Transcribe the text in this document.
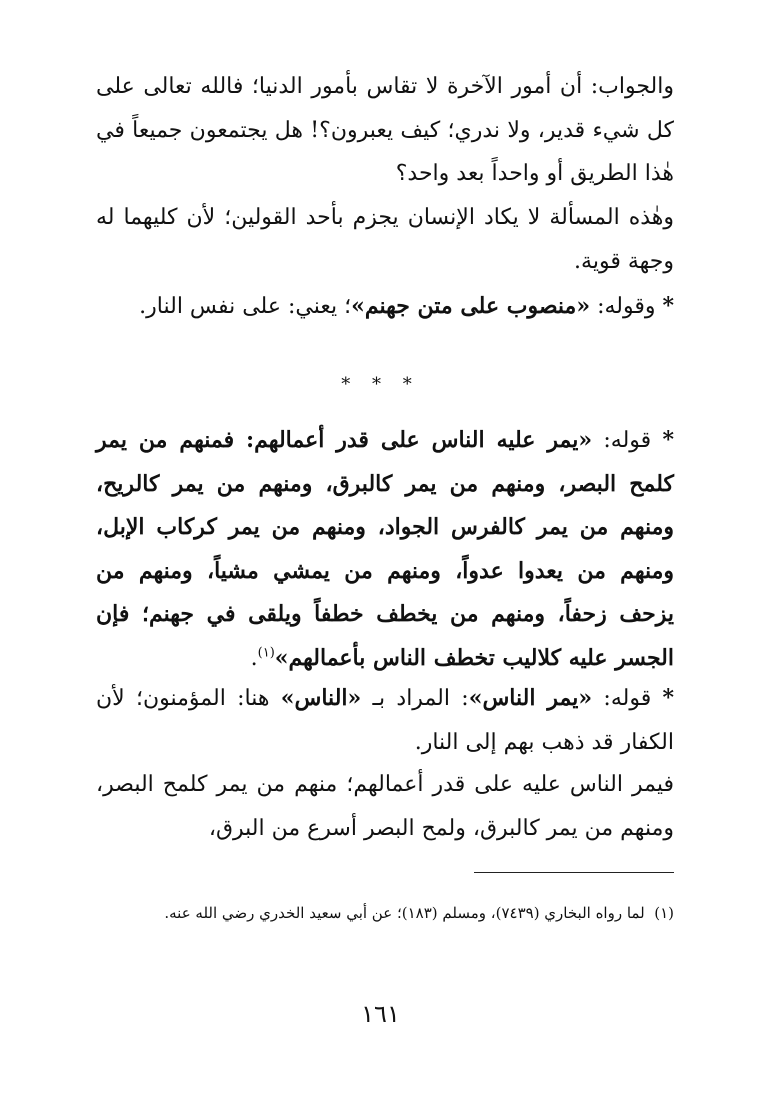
والجواب: أن أمور الآخرة لا تقاس بأمور الدنيا؛ فالله تعالى على كل شيء قدير، ولا ندري؛ كيف يعبرون؟! هل يجتمعون جميعاً في هٰذا الطريق أو واحداً بعد واحد؟

وهٰذه المسألة لا يكاد الإنسان يجزم بأحد القولين؛ لأن كليهما له وجهة قوية.

* وقوله: «منصوب على متن جهنم»؛ يعني: على نفس النار.

* * *

* قوله: «يمر عليه الناس على قدر أعمالهم: فمنهم من يمر كلمح البصر، ومنهم من يمر كالبرق، ومنهم من يمر كالريح، ومنهم من يمر كالفرس الجواد، ومنهم من يمر كركاب الإبل، ومنهم من يعدوا عدواً، ومنهم من يمشي مشياً، ومنهم من يزحف زحفاً، ومنهم من يخطف خطفاً ويلقى في جهنم؛ فإن الجسر عليه كلاليب تخطف الناس بأعمالهم»$^{(١)}$.

* قوله: «يمر الناس»: المراد بـ «الناس» هنا: المؤمنون؛ لأن الكفار قد ذهب بهم إلى النار.

فيمر الناس عليه على قدر أعمالهم؛ منهم من يمر كلمح البصر، ومنهم من يمر كالبرق، ولمح البصر أسرع من البرق،

(١)  لما رواه البخاري (٧٤٣٩)، ومسلم (١٨٣)؛ عن أبي سعيد الخدري رضي الله عنه.

١٦١
